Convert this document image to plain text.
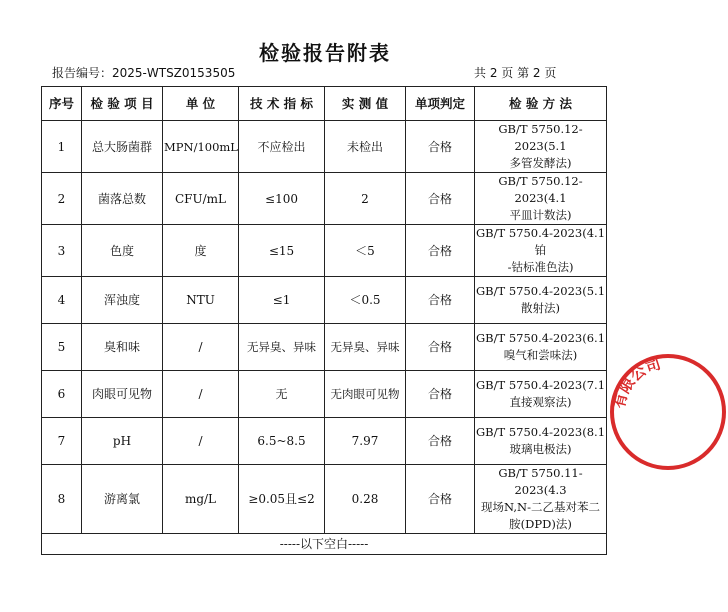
检验报告附表
报告编号：2025-WTSZ0153505	共 2 页 第 2 页
序号	检 验 项 目	单 位	技 术 指 标	实 测 值	单项判定	检 验 方 法
1	总大肠菌群	MPN/100mL	不应检出	未检出	合格	GB/T 5750.12-2023(5.1
多管发酵法)

2	菌落总数	CFU/mL	≤100	2	合格	GB/T 5750.12-2023(4.1
平皿计数法)

3	色度	度	≤15	＜5	合格	GB/T 5750.4-2023(4.1铂
-钴标准色法)

4	浑浊度	NTU	≤1	＜0.5	合格	GB/T 5750.4-2023(5.1
散射法)

5	臭和味	/	无异臭、异味	无异臭、异味	合格	GB/T 5750.4-2023(6.1
嗅气和尝味法)

6	肉眼可见物	/	无	无肉眼可见物	合格	GB/T 5750.4-2023(7.1
直接观察法)

7	pH	/	6.5~8.5	7.97	合格	GB/T 5750.4-2023(8.1
玻璃电极法)

8	游离氯	mg/L	≥0.05且≤2	0.28	合格	GB/T 5750.11-2023(4.3
现场N,N-二乙基对苯二
胺(DPD)法)

-----以下空白-----						
有限公司
